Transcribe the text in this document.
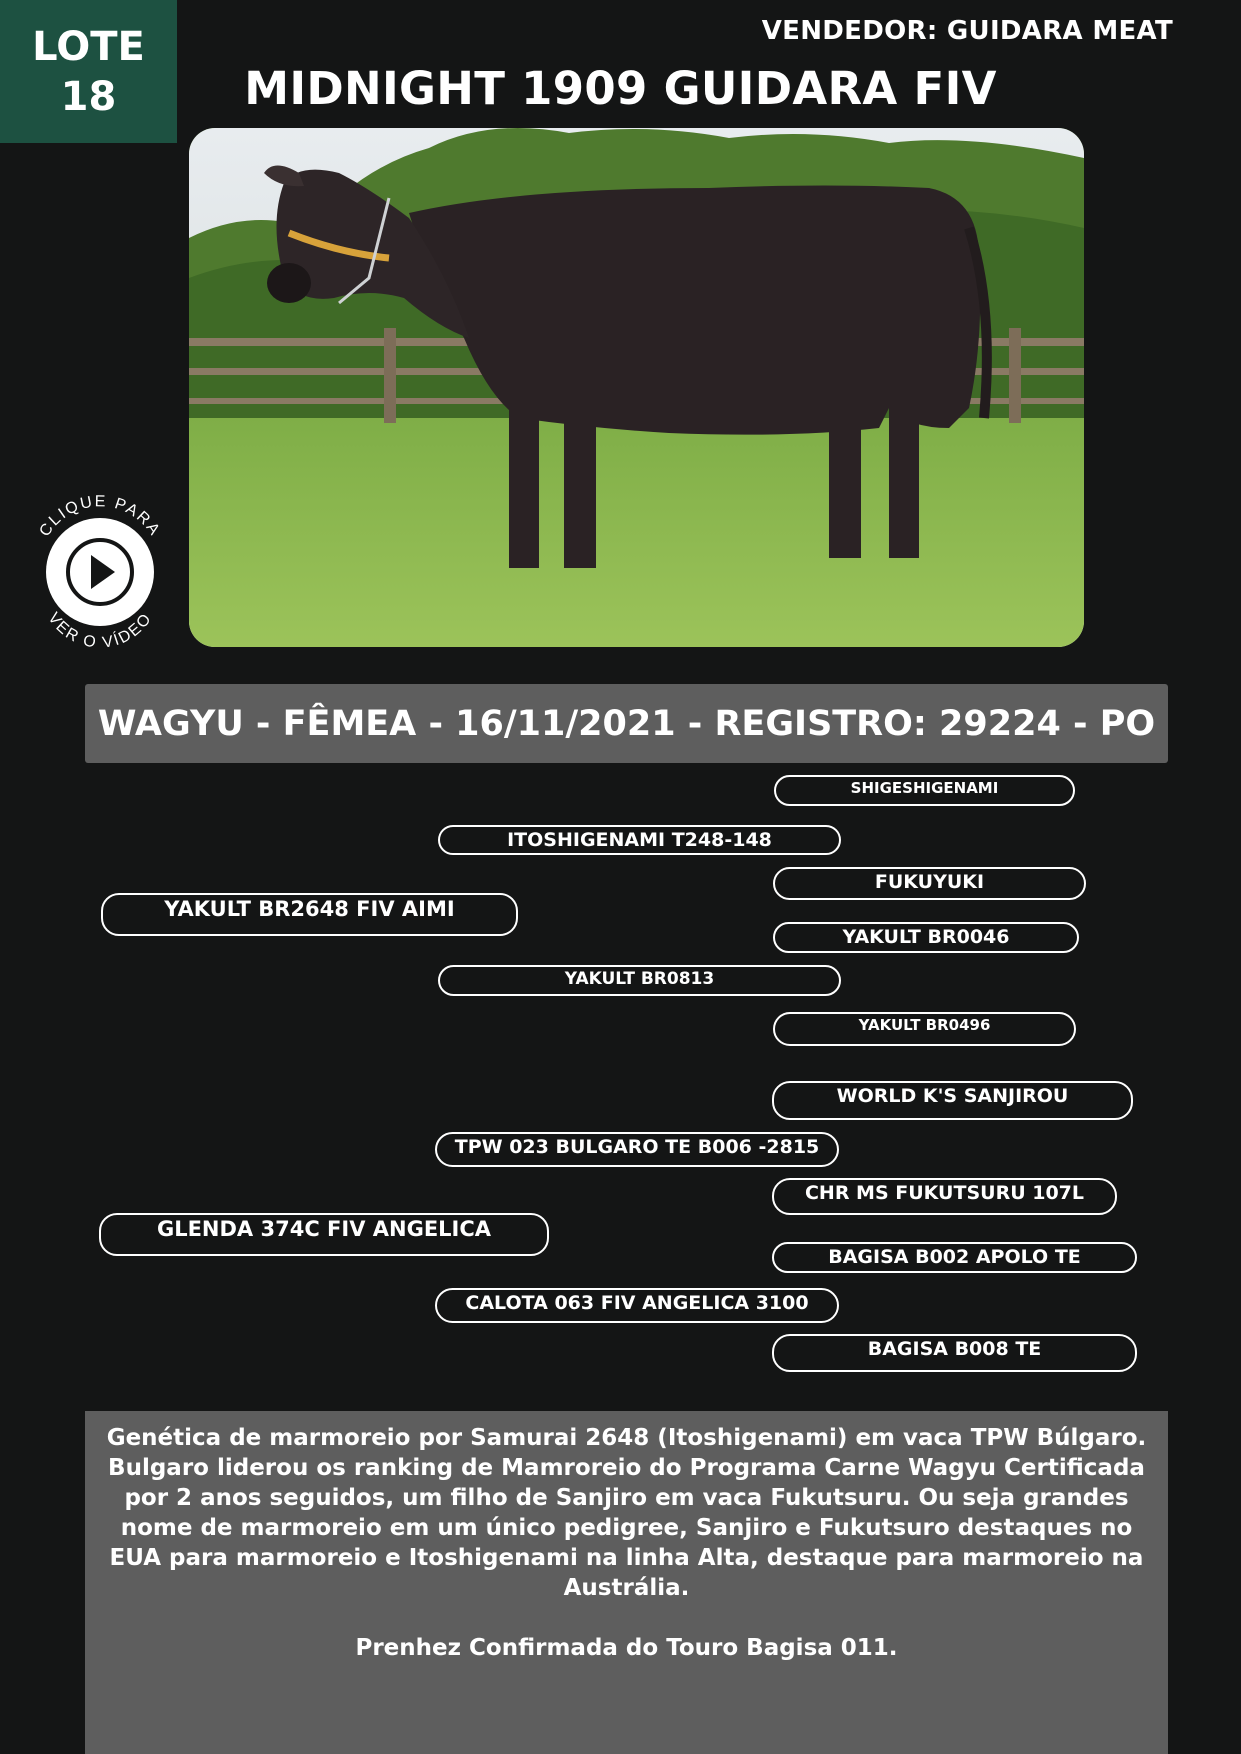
LOTE
18
VENDEDOR: GUIDARA MEAT
MIDNIGHT 1909 GUIDARA FIV
CLIQUE PARA
VER O VÍDEO
WAGYU - FÊMEA - 16/11/2021 - REGISTRO: 29224 - PO
SHIGESHIGENAMI
ITOSHIGENAMI T248-148
FUKUYUKI
YAKULT BR2648 FIV AIMI
YAKULT BR0046
YAKULT BR0813
YAKULT BR0496
WORLD K'S SANJIROU
TPW 023 BULGARO TE B006 -2815
CHR MS FUKUTSURU 107L
GLENDA 374C FIV ANGELICA
BAGISA B002 APOLO TE
CALOTA 063 FIV ANGELICA 3100
BAGISA B008 TE

Genética de marmoreio por Samurai 2648 (Itoshigenami) em vaca TPW Búlgaro. Bulgaro liderou os ranking de Mamroreio do Programa Carne Wagyu Certificada por 2 anos seguidos, um filho de Sanjiro em vaca Fukutsuru. Ou seja grandes nome de marmoreio em um único pedigree, Sanjiro e Fukutsuro destaques no EUA para marmoreio e Itoshigenami na linha Alta, destaque para marmoreio na Austrália.

Prenhez Confirmada do Touro Bagisa 011.
